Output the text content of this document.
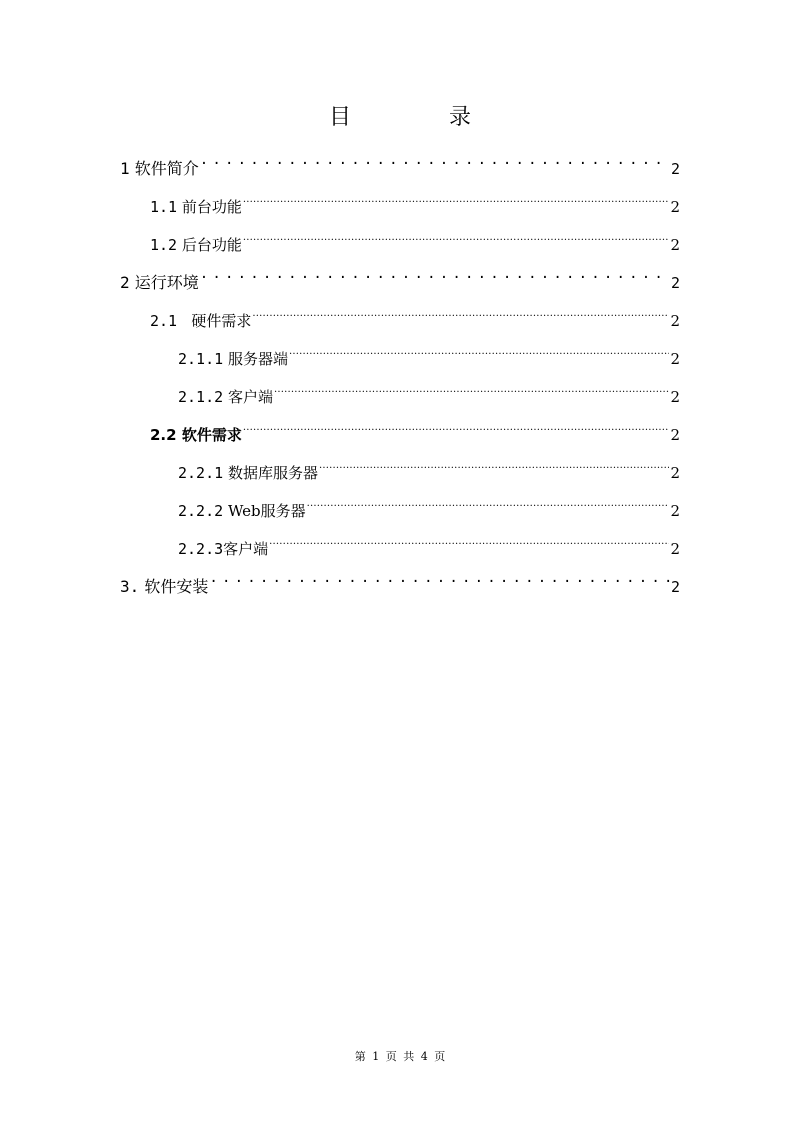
目　录
1 软件简介 .....	2
1.1 前台功能 .....	2
1.2 后台功能 .....	2
2 运行环境 .....	2
2.1 硬件需求 .....	2
2.1.1 服务器端 .....	2
2.1.2 客户端 .....	2
2.2 软件需求 .....	2
2.2.1 数据库服务器 .....	2
2.2.2 Web服务器 .....	2
2.2.3客户端 .....	2
3. 软件安装 .....	2
第 1 页 共 4 页
